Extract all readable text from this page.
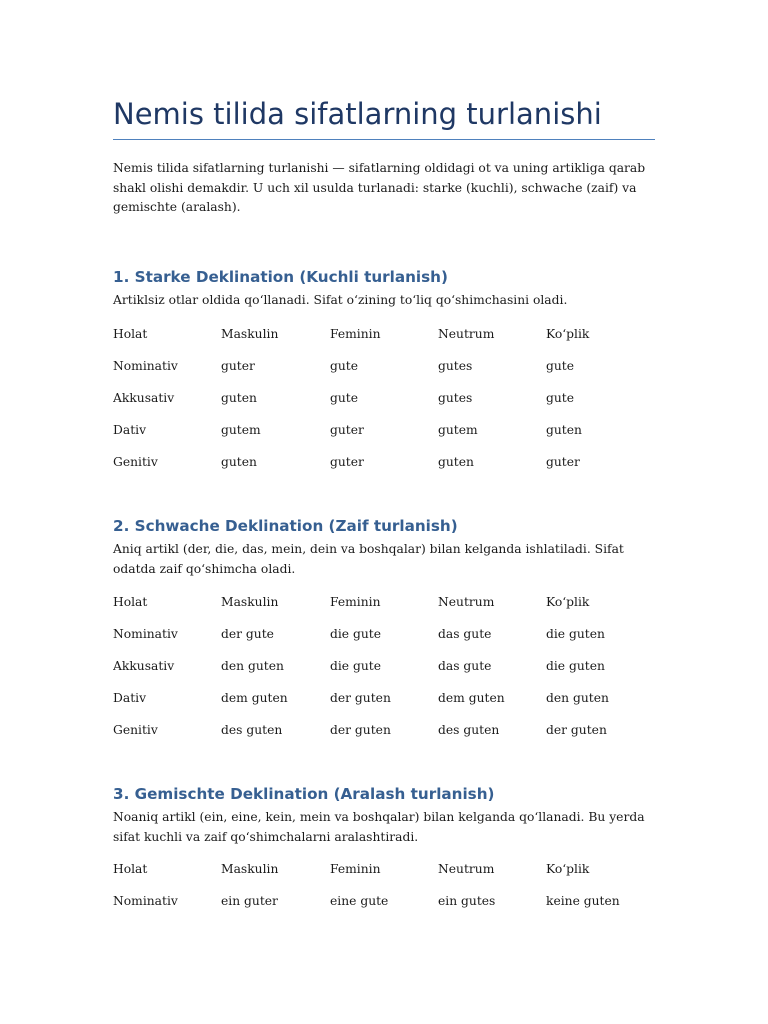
Nemis tilida sifatlarning turlanishi

Nemis tilida sifatlarning turlanishi — sifatlarning oldidagi ot va uning artikliga qarab shakl olishi demakdir. U uch xil usulda turlanadi: starke (kuchli), schwache (zaif) va gemischte (aralash).

1. Starke Deklination (Kuchli turlanish)

Artiklsiz otlar oldida qo‘llanadi. Sifat o‘zining to‘liq qo‘shimchasini oladi.

Holat	Maskulin	Feminin	Neutrum	Ko‘plik
Nominativ	guter	gute	gutes	gute
Akkusativ	guten	gute	gutes	gute
Dativ	gutem	guter	gutem	guten
Genitiv	guten	guter	guten	guter
2. Schwache Deklination (Zaif turlanish)

Aniq artikl (der, die, das, mein, dein va boshqalar) bilan kelganda ishlatiladi. Sifat odatda zaif qo‘shimcha oladi.

Holat	Maskulin	Feminin	Neutrum	Ko‘plik
Nominativ	der gute	die gute	das gute	die guten
Akkusativ	den guten	die gute	das gute	die guten
Dativ	dem guten	der guten	dem guten	den guten
Genitiv	des guten	der guten	des guten	der guten
3. Gemischte Deklination (Aralash turlanish)

Noaniq artikl (ein, eine, kein, mein va boshqalar) bilan kelganda qo‘llanadi. Bu yerda sifat kuchli va zaif qo‘shimchalarni aralashtiradi.

Holat	Maskulin	Feminin	Neutrum	Ko‘plik
Nominativ	ein guter	eine gute	ein gutes	keine guten
